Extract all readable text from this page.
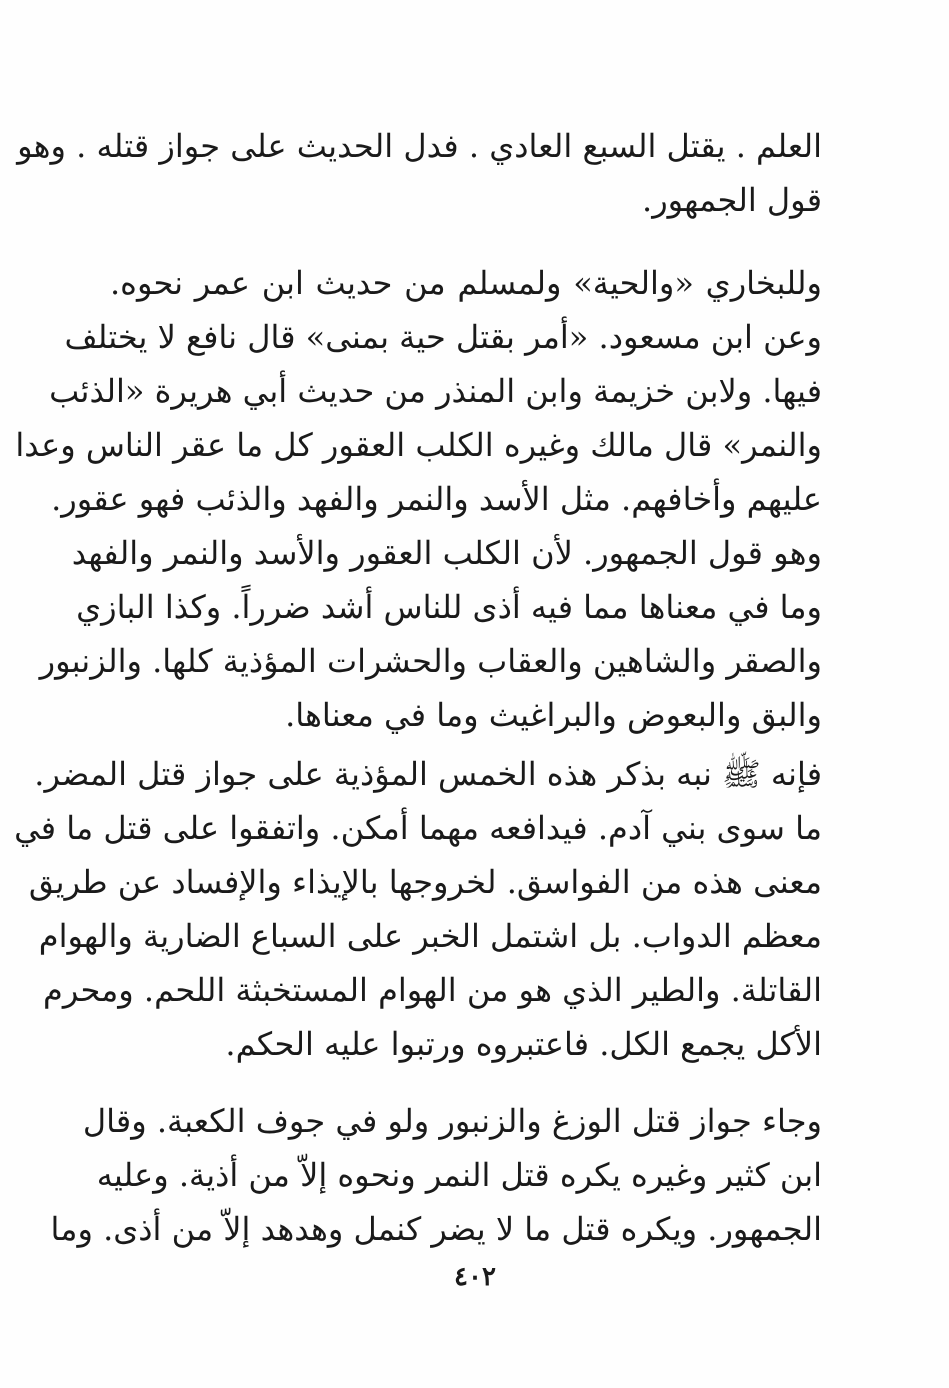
العلم . يقتل السبع العادي . فدل الحديث على جواز قتله . وهو
قول الجمهور.
وللبخاري «والحية» ولمسلم من حديث ابن عمر نحوه.
وعن ابن مسعود. «أمر بقتل حية بمنى» قال نافع لا يختلف
فيها. ولابن خزيمة وابن المنذر من حديث أبي هريرة «الذئب
والنمر» قال مالك وغيره الكلب العقور كل ما عقر الناس وعدا
عليهم وأخافهم. مثل الأسد والنمر والفهد والذئب فهو عقور.
وهو قول الجمهور. لأن الكلب العقور والأسد والنمر والفهد
وما في معناها مما فيه أذى للناس أشد ضرراً. وكذا البازي
والصقر والشاهين والعقاب والحشرات المؤذية كلها. والزنبور
والبق والبعوض والبراغيث وما في معناها.
فإنه ﷺ نبه بذكر هذه الخمس المؤذية على جواز قتل المضر.
ما سوى بني آدم. فيدافعه مهما أمكن. واتفقوا على قتل ما في
معنى هذه من الفواسق. لخروجها بالإيذاء والإفساد عن طريق
معظم الدواب. بل اشتمل الخبر على السباع الضارية والهوام
القاتلة. والطير الذي هو من الهوام المستخبثة اللحم. ومحرم
الأكل يجمع الكل. فاعتبروه ورتبوا عليه الحكم.
وجاء جواز قتل الوزغ والزنبور ولو في جوف الكعبة. وقال
ابن كثير وغيره يكره قتل النمر ونحوه إلاّ من أذية. وعليه
الجمهور. ويكره قتل ما لا يضر كنمل وهدهد إلاّ من أذى. وما
٤٠٢
